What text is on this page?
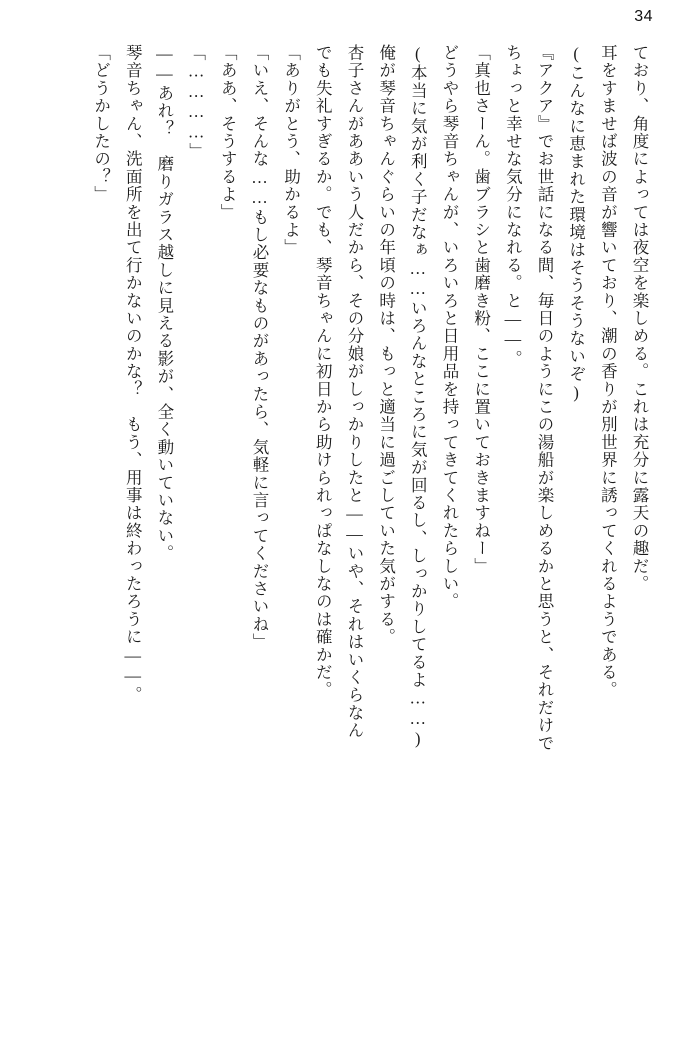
34
ており、角度によっては夜空を楽しめる。これは充分に露天の趣だ。
耳をすませば波の音が響いており、潮の香りが別世界に誘ってくれるようである。
(こんなに恵まれた環境はそうそうないぞ)
『アクア』でお世話になる間、毎日のようにこの湯船が楽しめるかと思うと、それだけで
ちょっと幸せな気分になれる。と——。
「真也さーん。歯ブラシと歯磨き粉、ここに置いておきますねー」
どうやら琴音ちゃんが、いろいろと日用品を持ってきてくれたらしい。
(本当に気が利く子だなぁ……いろんなところに気が回るし、しっかりしてるよ……)
俺が琴音ちゃんぐらいの年頃の時は、もっと適当に過ごしていた気がする。
杏子さんがああいう人だから、その分娘がしっかりしたと——いや、それはいくらなん
でも失礼すぎるか。でも、琴音ちゃんに初日から助けられっぱなしなのは確かだ。
「ありがとう、助かるよ」
「いえ、そんな……もし必要なものがあったら、気軽に言ってくださいね」
「ああ、そうするよ」
「…………」
——あれ？　磨りガラス越しに見える影が、全く動いていない。
琴音ちゃん、洗面所を出て行かないのかな？　もう、用事は終わったろうに——。
「どうかしたの？」
